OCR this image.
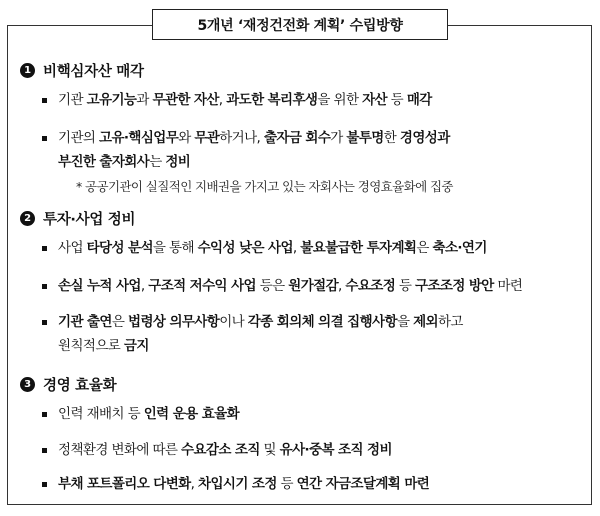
5개년 ‘재정건전화 계획’ 수립방향
1 비핵심자산 매각
기관 고유기능과 무관한 자산, 과도한 복리후생을 위한 자산 등 매각
기관의 고유·핵심업무와 무관하거나, 출자금 회수가 불투명한 경영성과
부진한 출자회사는 정비
* 공공기관이 실질적인 지배권을 가지고 있는 자회사는 경영효율화에 집중
2 투자·사업 정비
사업 타당성 분석을 통해 수익성 낮은 사업, 불요불급한 투자계획은 축소·연기
손실 누적 사업, 구조적 저수익 사업 등은 원가절감, 수요조정 등 구조조정 방안 마련
기관 출연은 법령상 의무사항이나 각종 회의체 의결 집행사항을 제외하고
원칙적으로 금지
3 경영 효율화
인력 재배치 등 인력 운용 효율화
정책환경 변화에 따른 수요감소 조직 및 유사·중복 조직 정비
부채 포트폴리오 다변화, 차입시기 조정 등 연간 자금조달계획 마련
